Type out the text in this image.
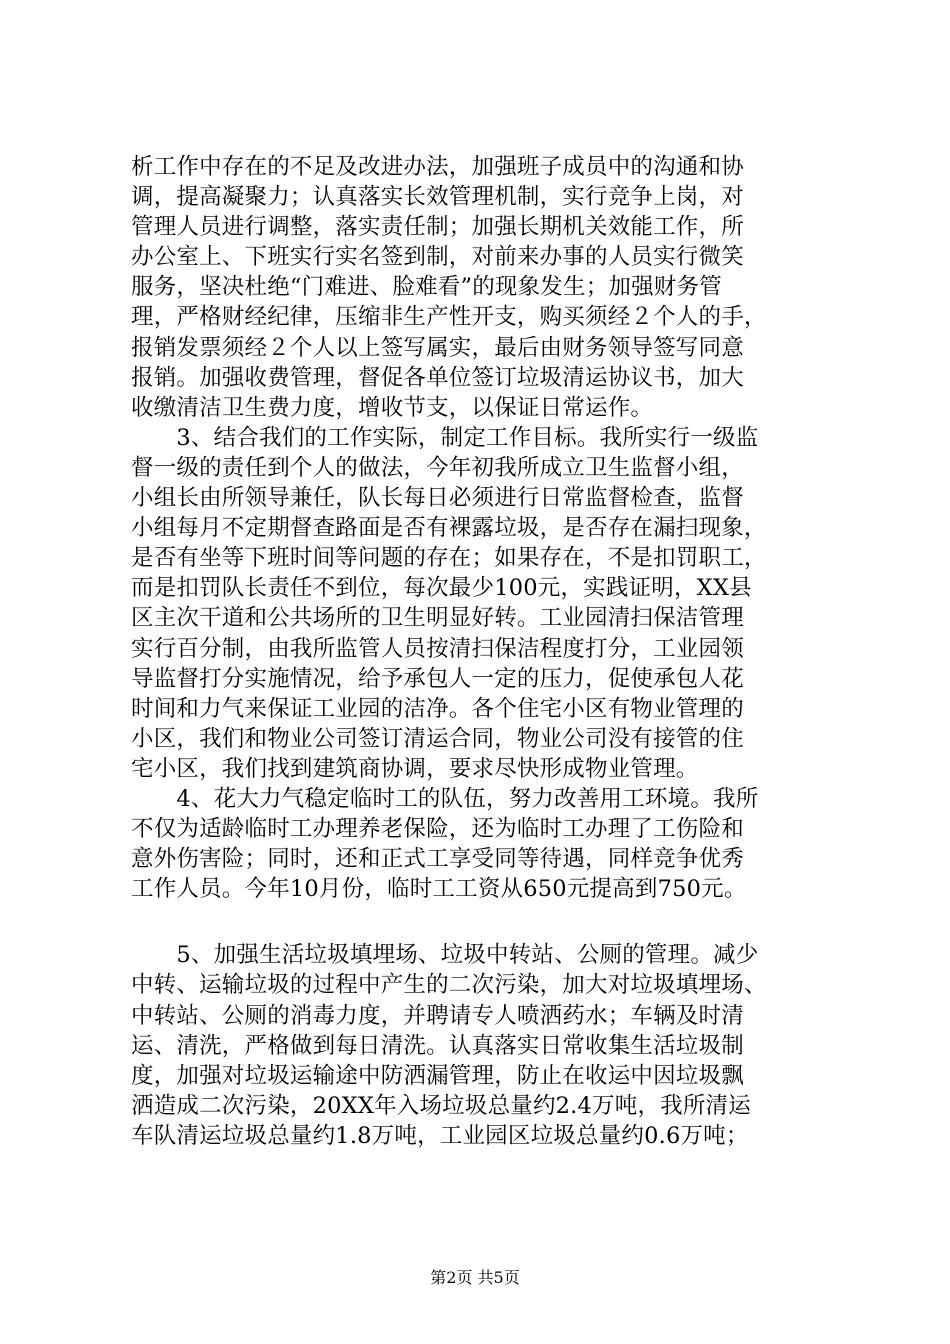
析工作中存在的不足及改进办法，加强班子成员中的沟通和协
调，提高凝聚力；认真落实长效管理机制，实行竞争上岗，对
管理人员进行调整，落实责任制；加强长期机关效能工作，所
办公室上、下班实行实名签到制，对前来办事的人员实行微笑
服务，坚决杜绝“门难进、脸难看”的现象发生；加强财务管
理，严格财经纪律，压缩非生产性开支，购买须经２个人的手，
报销发票须经２个人以上签写属实，最后由财务领导签写同意
报销。加强收费管理，督促各单位签订垃圾清运协议书，加大
收缴清洁卫生费力度，增收节支，以保证日常运作。
　　3、结合我们的工作实际，制定工作目标。我所实行一级监
督一级的责任到个人的做法，今年初我所成立卫生监督小组，
小组长由所领导兼任，队长每日必须进行日常监督检查，监督
小组每月不定期督查路面是否有裸露垃圾，是否存在漏扫现象，
是否有坐等下班时间等问题的存在；如果存在，不是扣罚职工，
而是扣罚队长责任不到位，每次最少100元，实践证明，XX县
区主次干道和公共场所的卫生明显好转。工业园清扫保洁管理
实行百分制，由我所监管人员按清扫保洁程度打分，工业园领
导监督打分实施情况，给予承包人一定的压力，促使承包人花
时间和力气来保证工业园的洁净。各个住宅小区有物业管理的
小区，我们和物业公司签订清运合同，物业公司没有接管的住
宅小区，我们找到建筑商协调，要求尽快形成物业管理。
　　4、花大力气稳定临时工的队伍，努力改善用工环境。我所
不仅为适龄临时工办理养老保险，还为临时工办理了工伤险和
意外伤害险；同时，还和正式工享受同等待遇，同样竞争优秀
工作人员。今年10月份，临时工工资从650元提高到750元。
　　5、加强生活垃圾填埋场、垃圾中转站、公厕的管理。减少
中转、运输垃圾的过程中产生的二次污染，加大对垃圾填埋场、
中转站、公厕的消毒力度，并聘请专人喷洒药水；车辆及时清
运、清洗，严格做到每日清洗。认真落实日常收集生活垃圾制
度，加强对垃圾运输途中防洒漏管理，防止在收运中因垃圾飘
洒造成二次污染，20XX年入场垃圾总量约2.4万吨，我所清运
车队清运垃圾总量约1.8万吨，工业园区垃圾总量约0.6万吨；
第2页 共5页
